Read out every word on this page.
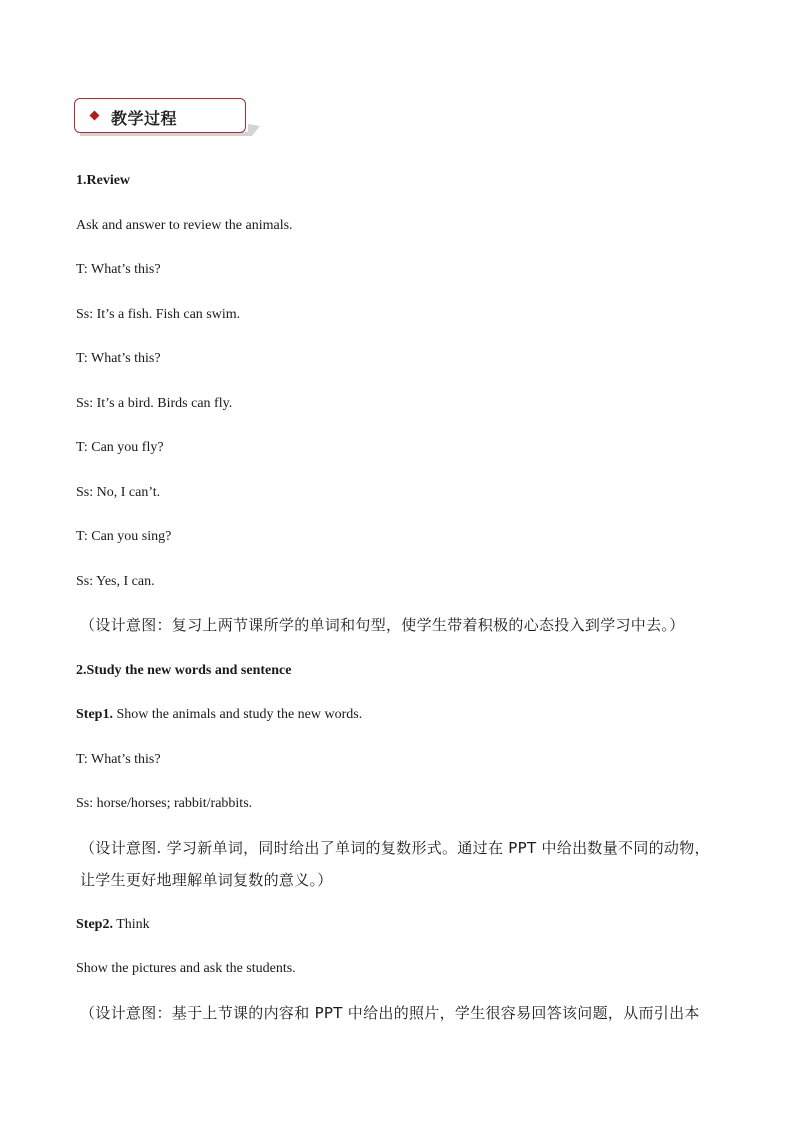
教学过程
1.Review
Ask and answer to review the animals.
T: What’s this?
Ss: It’s a fish. Fish can swim.
T: What’s this?
Ss: It’s a bird. Birds can fly.
T: Can you fly?
Ss: No, I can’t.
T: Can you sing?
Ss: Yes, I can.
（设计意图：复习上两节课所学的单词和句型，使学生带着积极的心态投入到学习中去。）
2.Study the new words and sentence
Step1. Show the animals and study the new words.
T: What’s this?
Ss: horse/horses; rabbit/rabbits.
（设计意图. 学习新单词，同时给出了单词的复数形式。通过在 PPT 中给出数量不同的动物，
让学生更好地理解单词复数的意义。）
Step2. Think
Show the pictures and ask the students.
（设计意图：基于上节课的内容和 PPT 中给出的照片，学生很容易回答该问题，从而引出本
